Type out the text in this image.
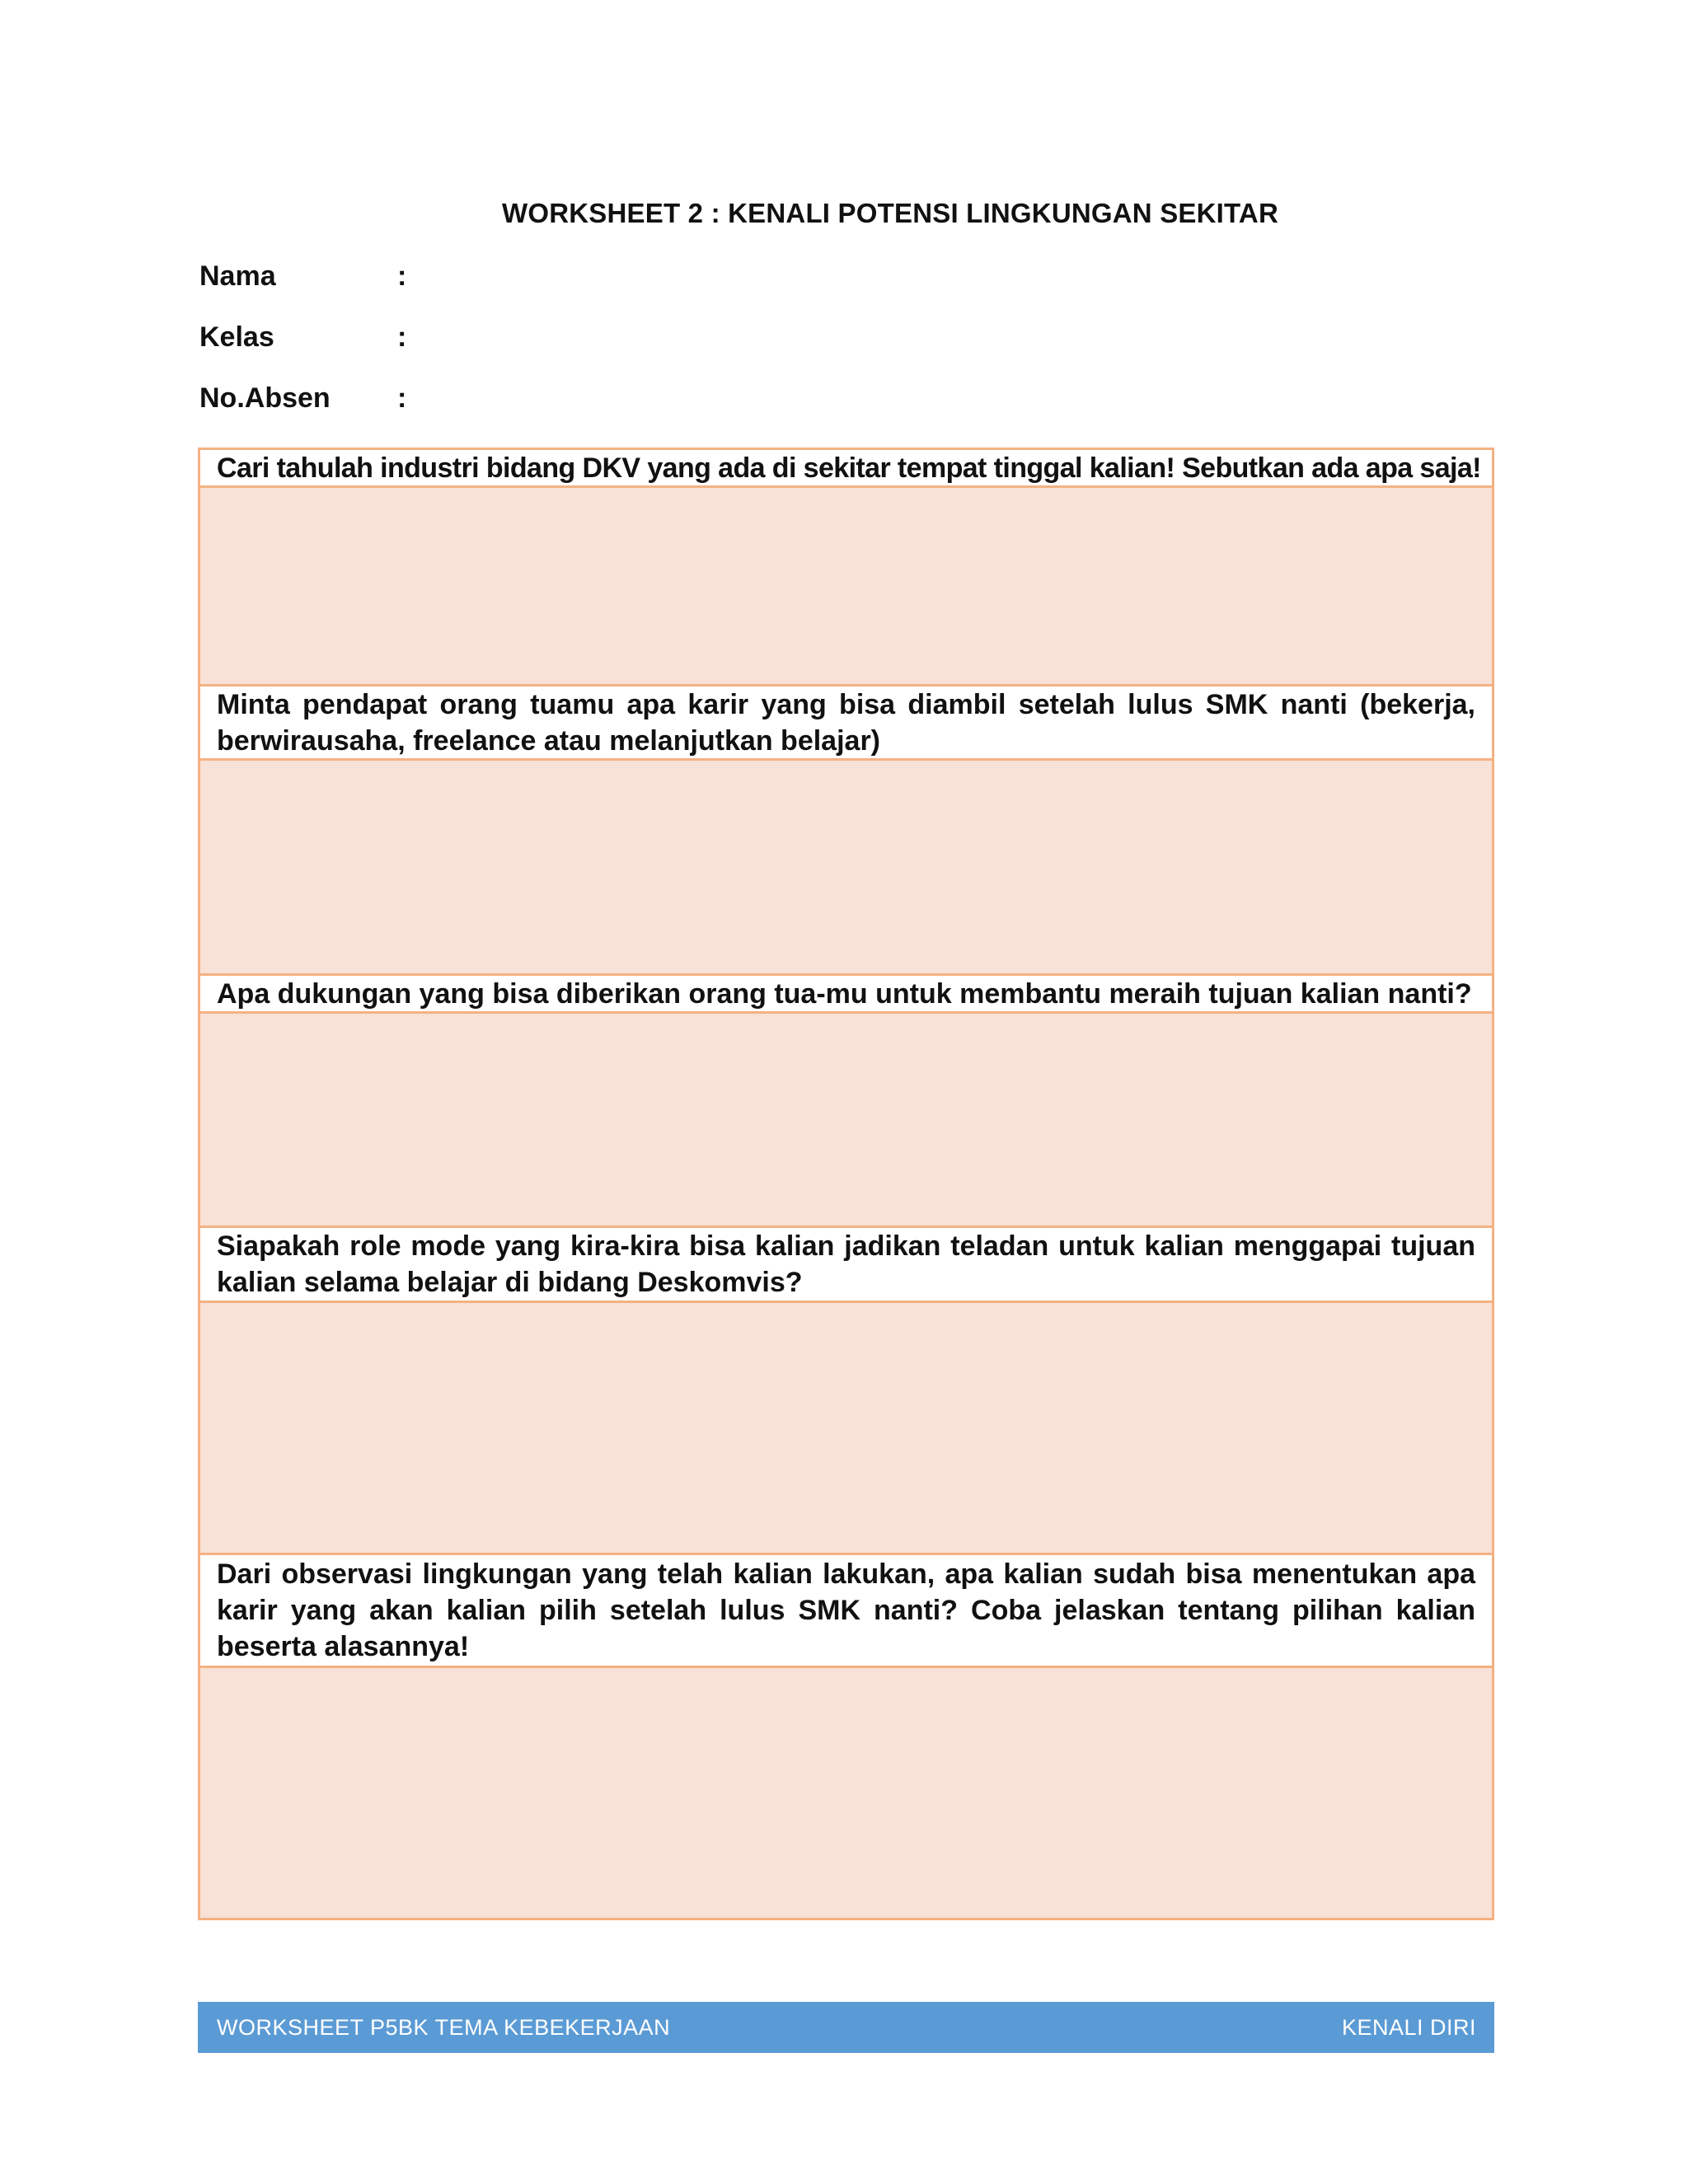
WORKSHEET 2 : KENALI POTENSI LINGKUNGAN SEKITAR
Nama	:
Kelas	:
No.Absen :
Cari tahulah industri bidang DKV yang ada di sekitar tempat tinggal kalian! Sebutkan ada apa saja!
Minta pendapat orang tuamu apa karir yang bisa diambil setelah lulus SMK nanti (bekerja, berwirausaha, freelance atau melanjutkan belajar)
Apa dukungan yang bisa diberikan orang tua-mu untuk membantu meraih tujuan kalian nanti?
Siapakah role mode yang kira-kira bisa kalian jadikan teladan untuk kalian menggapai tujuan kalian selama belajar di bidang Deskomvis?
Dari observasi lingkungan yang telah kalian lakukan, apa kalian sudah bisa menentukan apa karir yang akan kalian pilih setelah lulus SMK nanti? Coba jelaskan tentang pilihan kalian beserta alasannya!
WORKSHEET P5BK TEMA KEBEKERJAAN	KENALI DIRI
